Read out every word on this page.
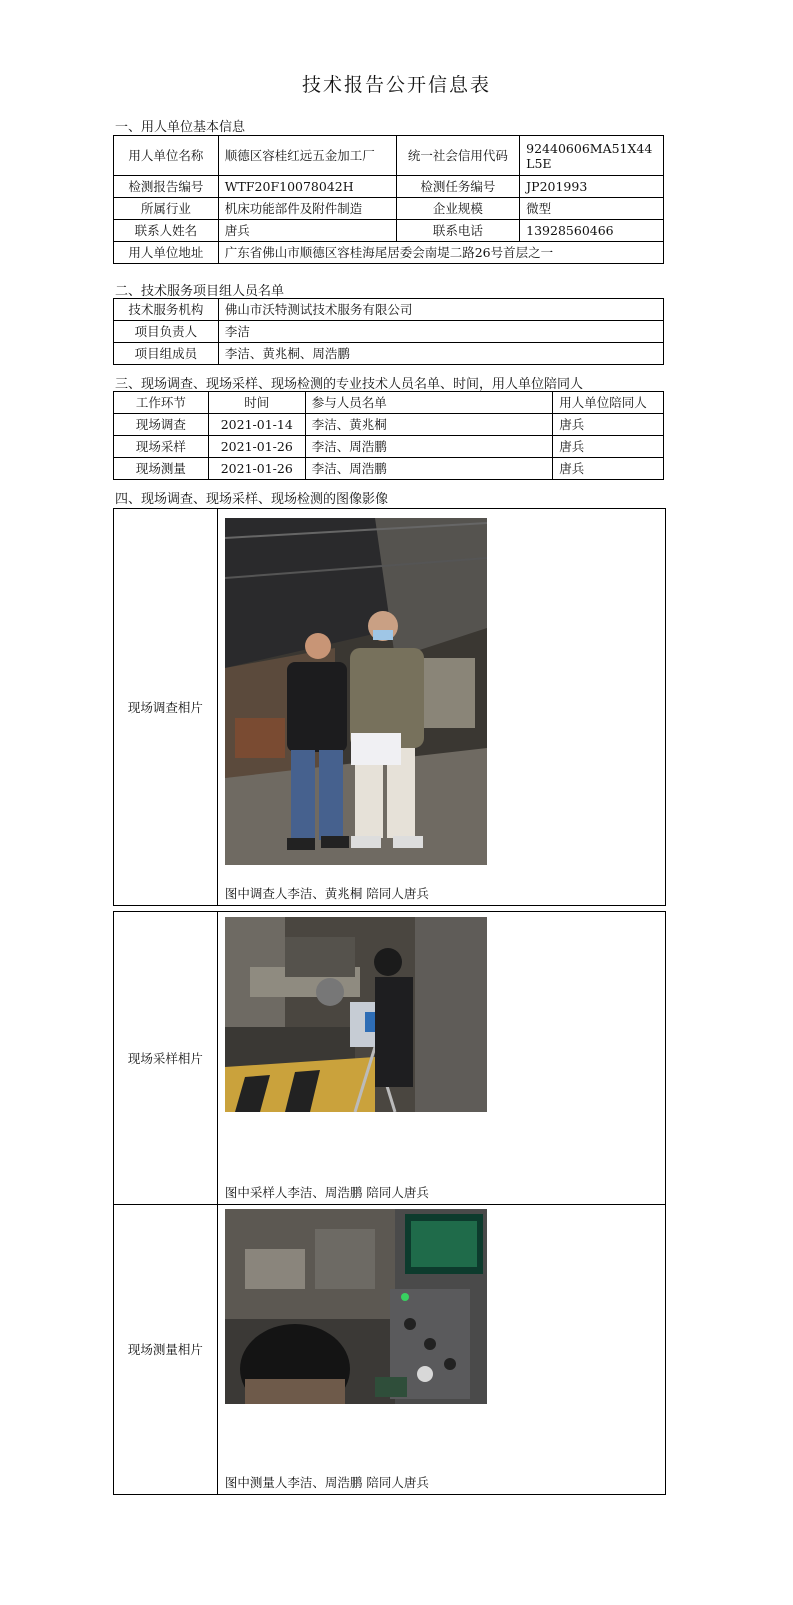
技术报告公开信息表
一、用人单位基本信息
用人单位名称	顺德区容桂红远五金加工厂	统一社会信用代码	92440606MA51X44L5E
检测报告编号	WTF20F10078042H	检测任务编号	JP201993
所属行业	机床功能部件及附件制造	企业规模	微型
联系人姓名	唐兵	联系电话	13928560466
用人单位地址	广东省佛山市顺德区容桂海尾居委会南堤二路26号首层之一		
二、技术服务项目组人员名单
技术服务机构	佛山市沃特测试技术服务有限公司
项目负责人	李洁
项目组成员	李洁、黄兆桐、周浩鹏
三、现场调查、现场采样、现场检测的专业技术人员名单、时间，用人单位陪同人
工作环节	时间	参与人员名单	用人单位陪同人
现场调查	2021-01-14	李洁、黄兆桐	唐兵
现场采样	2021-01-26	李洁、周浩鹏	唐兵
现场测量	2021-01-26	李洁、周浩鹏	唐兵
四、现场调查、现场采样、现场检测的图像影像
现场调查相片	
图中调查人李洁、黄兆桐 陪同人唐兵
现场采样相片	图中采样人李洁、周浩鹏 陪同人唐兵

现场测量相片	图中测量人李洁、周浩鹏 陪同人唐兵
